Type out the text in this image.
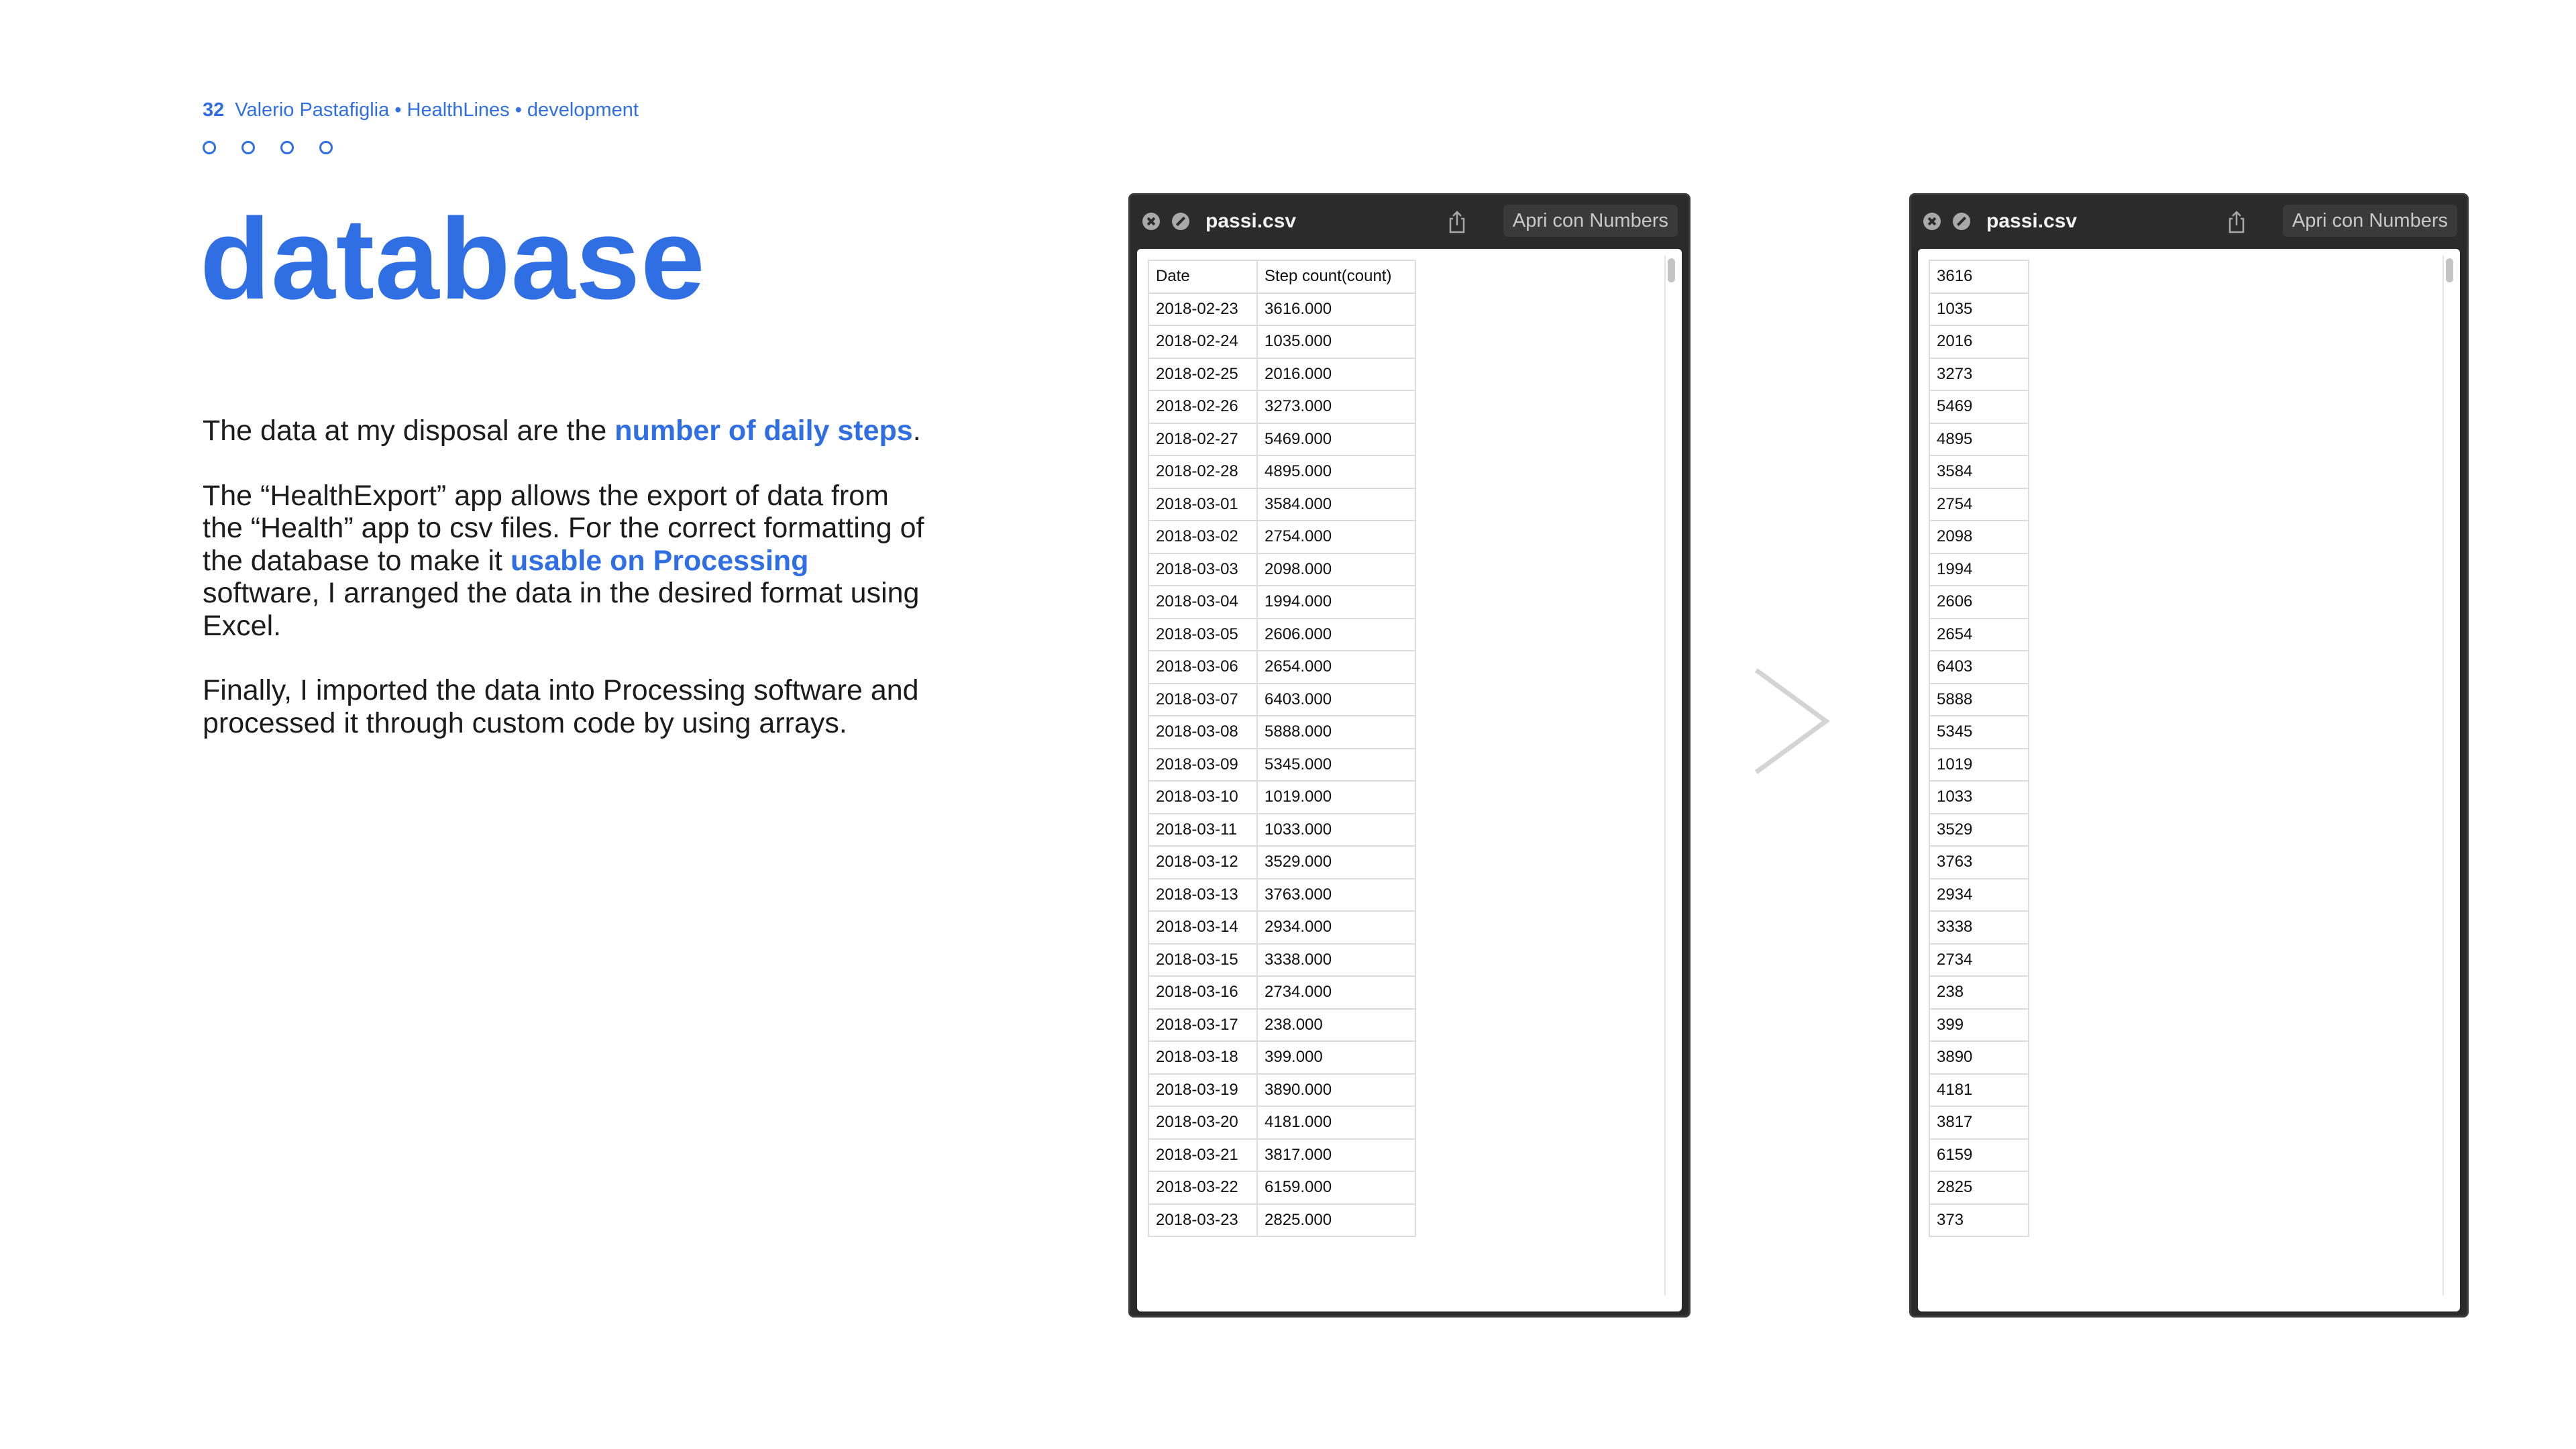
32 Valerio Pastafiglia • HealthLines • development
database

The data at my disposal are the number of daily steps.

The “HealthExport” app allows the export of data from the “Health” app to csv files. For the correct formatting of the database to make it usable on Processing software, I arranged the data in the desired format using Excel.

Finally, I imported the data into Processing software and processed it through custom code by using arrays.

passi.csv	Apri con Numbers
Date	Step count(count)
2018-02-23	3616.000
2018-02-24	1035.000
2018-02-25	2016.000
2018-02-26	3273.000
2018-02-27	5469.000
2018-02-28	4895.000
2018-03-01	3584.000
2018-03-02	2754.000
2018-03-03	2098.000
2018-03-04	1994.000
2018-03-05	2606.000
2018-03-06	2654.000
2018-03-07	6403.000
2018-03-08	5888.000
2018-03-09	5345.000
2018-03-10	1019.000
2018-03-11	1033.000
2018-03-12	3529.000
2018-03-13	3763.000
2018-03-14	2934.000
2018-03-15	3338.000
2018-03-16	2734.000
2018-03-17	238.000
2018-03-18	399.000
2018-03-19	3890.000
2018-03-20	4181.000
2018-03-21	3817.000
2018-03-22	6159.000
2018-03-23	2825.000
passi.csv	Apri con Numbers
3616
1035
2016
3273
5469
4895
3584
2754
2098
1994
2606
2654
6403
5888
5345
1019
1033
3529
3763
2934
3338
2734
238
399
3890
4181
3817
6159
2825
373
